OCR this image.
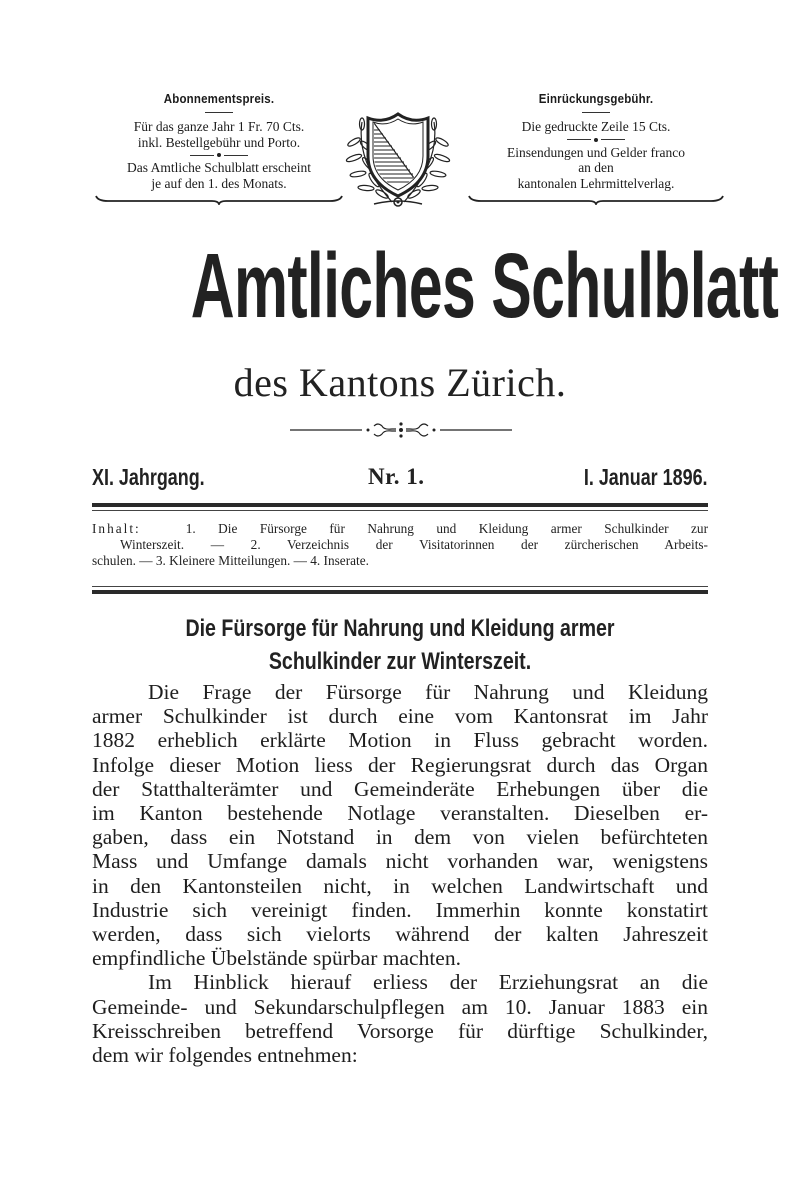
Abonnementspreis.
Für das ganze Jahr 1 Fr. 70 Cts.
inkl. Bestellgebühr und Porto.
Das Amtliche Schulblatt erscheint
je auf den 1. des Monats.
Einrückungsgebühr.
Die gedruckte Zeile 15 Cts.
Einsendungen und Gelder franco
an den
kantonalen Lehrmittelverlag.
Amtliches Schulblatt
des Kantons Zürich.
XI. Jahrgang.	Nr. 1.	I. Januar 1896.
Inhalt:	1. Die Fürsorge für Nahrung und Kleidung armer Schulkinder zur
Winterszeit. — 2. Verzeichnis der Visitatorinnen der zürcherischen Arbeits-
schulen. — 3. Kleinere Mitteilungen. — 4. Inserate.
Die Fürsorge für Nahrung und Kleidung armer
Schulkinder zur Winterszeit.
Die Frage der Fürsorge für Nahrung und Kleidung
armer Schulkinder ist durch eine vom Kantonsrat im Jahr
1882 erheblich erklärte Motion in Fluss gebracht worden.
Infolge dieser Motion liess der Regierungsrat durch das Organ
der Statthalterämter und Gemeinderäte Erhebungen über die
im Kanton bestehende Notlage veranstalten. Dieselben er-
gaben, dass ein Notstand in dem von vielen befürchteten
Mass und Umfange damals nicht vorhanden war, wenigstens
in den Kantonsteilen nicht, in welchen Landwirtschaft und
Industrie sich vereinigt finden. Immerhin konnte konstatirt
werden, dass sich vielorts während der kalten Jahreszeit
empfindliche Übelstände spürbar machten.
Im Hinblick hierauf erliess der Erziehungsrat an die
Gemeinde- und Sekundarschulpflegen am 10. Januar 1883 ein
Kreisschreiben betreffend Vorsorge für dürftige Schulkinder,
dem wir folgendes entnehmen:
